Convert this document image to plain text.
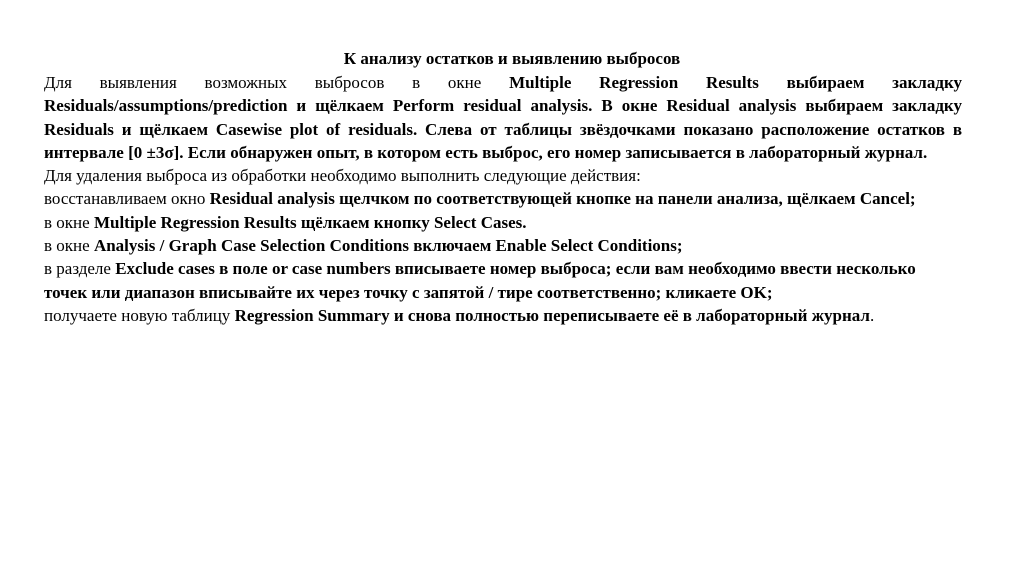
К анализу остатков и выявлению выбросов

Для выявления возможных выбросов в окне Multiple Regression Results выбираем закладку Residuals/assumptions/prediction и щёлкаем Perform residual analysis. В окне Residual analysis выбираем закладку Residuals и щёлкаем Casewise plot of residuals. Слева от таблицы звёздочками показано расположение остатков в интервале [0 ±3σ]. Если обнаружен опыт, в котором есть выброс, его номер записывается в лабораторный журнал.

Для удаления выброса из обработки необходимо выполнить следующие действия:

восстанавливаем окно Residual analysis щелчком по соответствующей кнопке на панели анализа, щёлкаем Cancel;

в окне Multiple Regression Results щёлкаем кнопку Select Cases.

в окне Analysis / Graph Case Selection Conditions включаем Enable Select Conditions;

в разделе Exclude cases в поле or case numbers вписываете номер выброса; если вам необходимо ввести несколько точек или диапазон вписывайте их через точку с запятой / тире соответственно; кликаете OK;

получаете новую таблицу Regression Summary и снова полностью переписываете её в лабораторный журнал.
